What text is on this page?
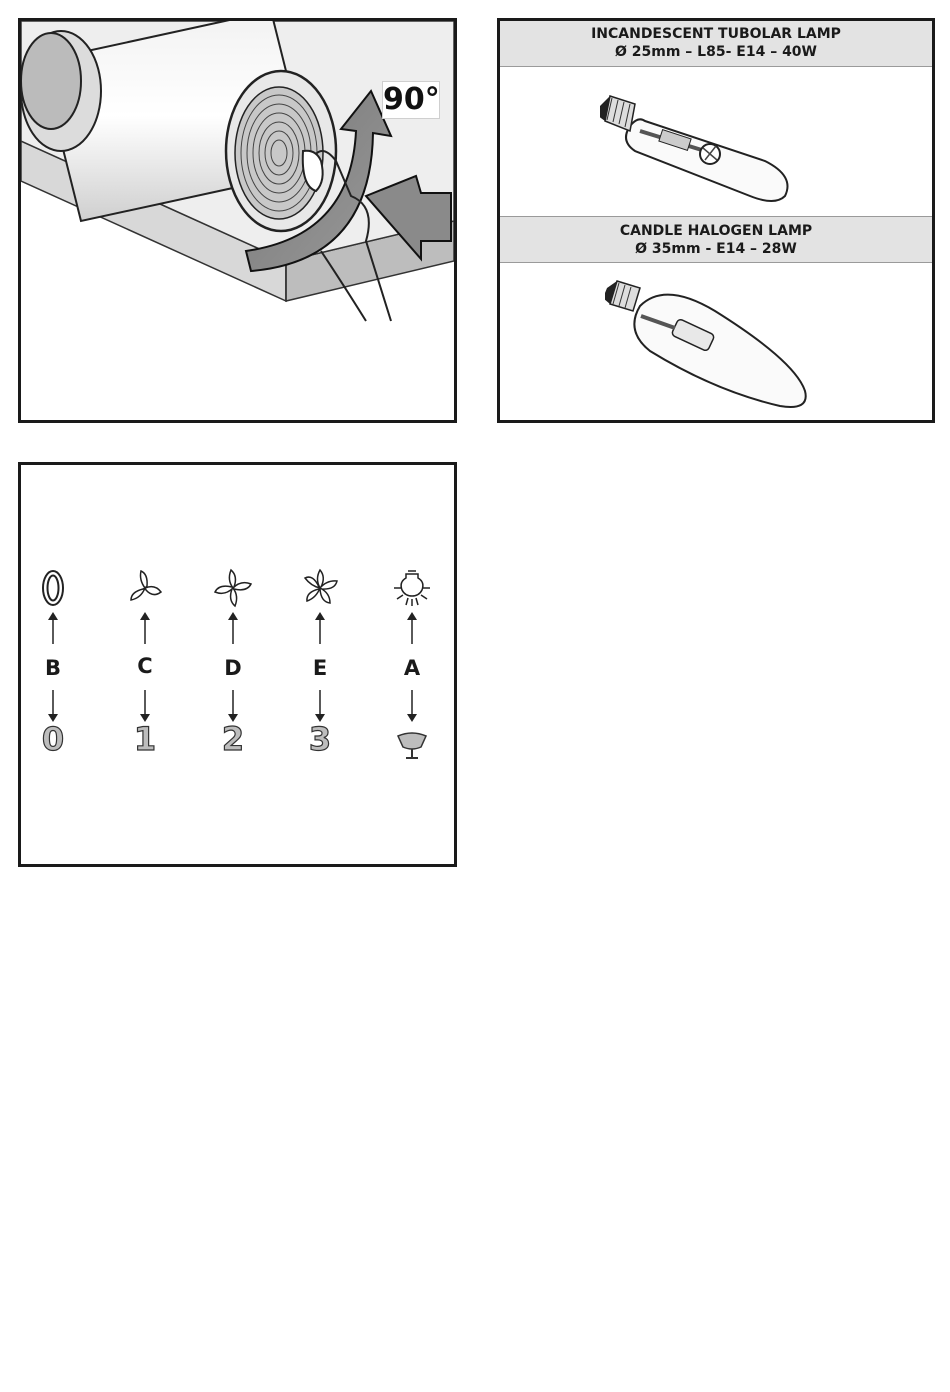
90°
INCANDESCENT TUBOLAR LAMP
Ø 25mm – L85- E14 – 40W
CANDLE HALOGEN LAMP
Ø 35mm - E14 – 28W
B
0
C
1
D
2
E
3
A
